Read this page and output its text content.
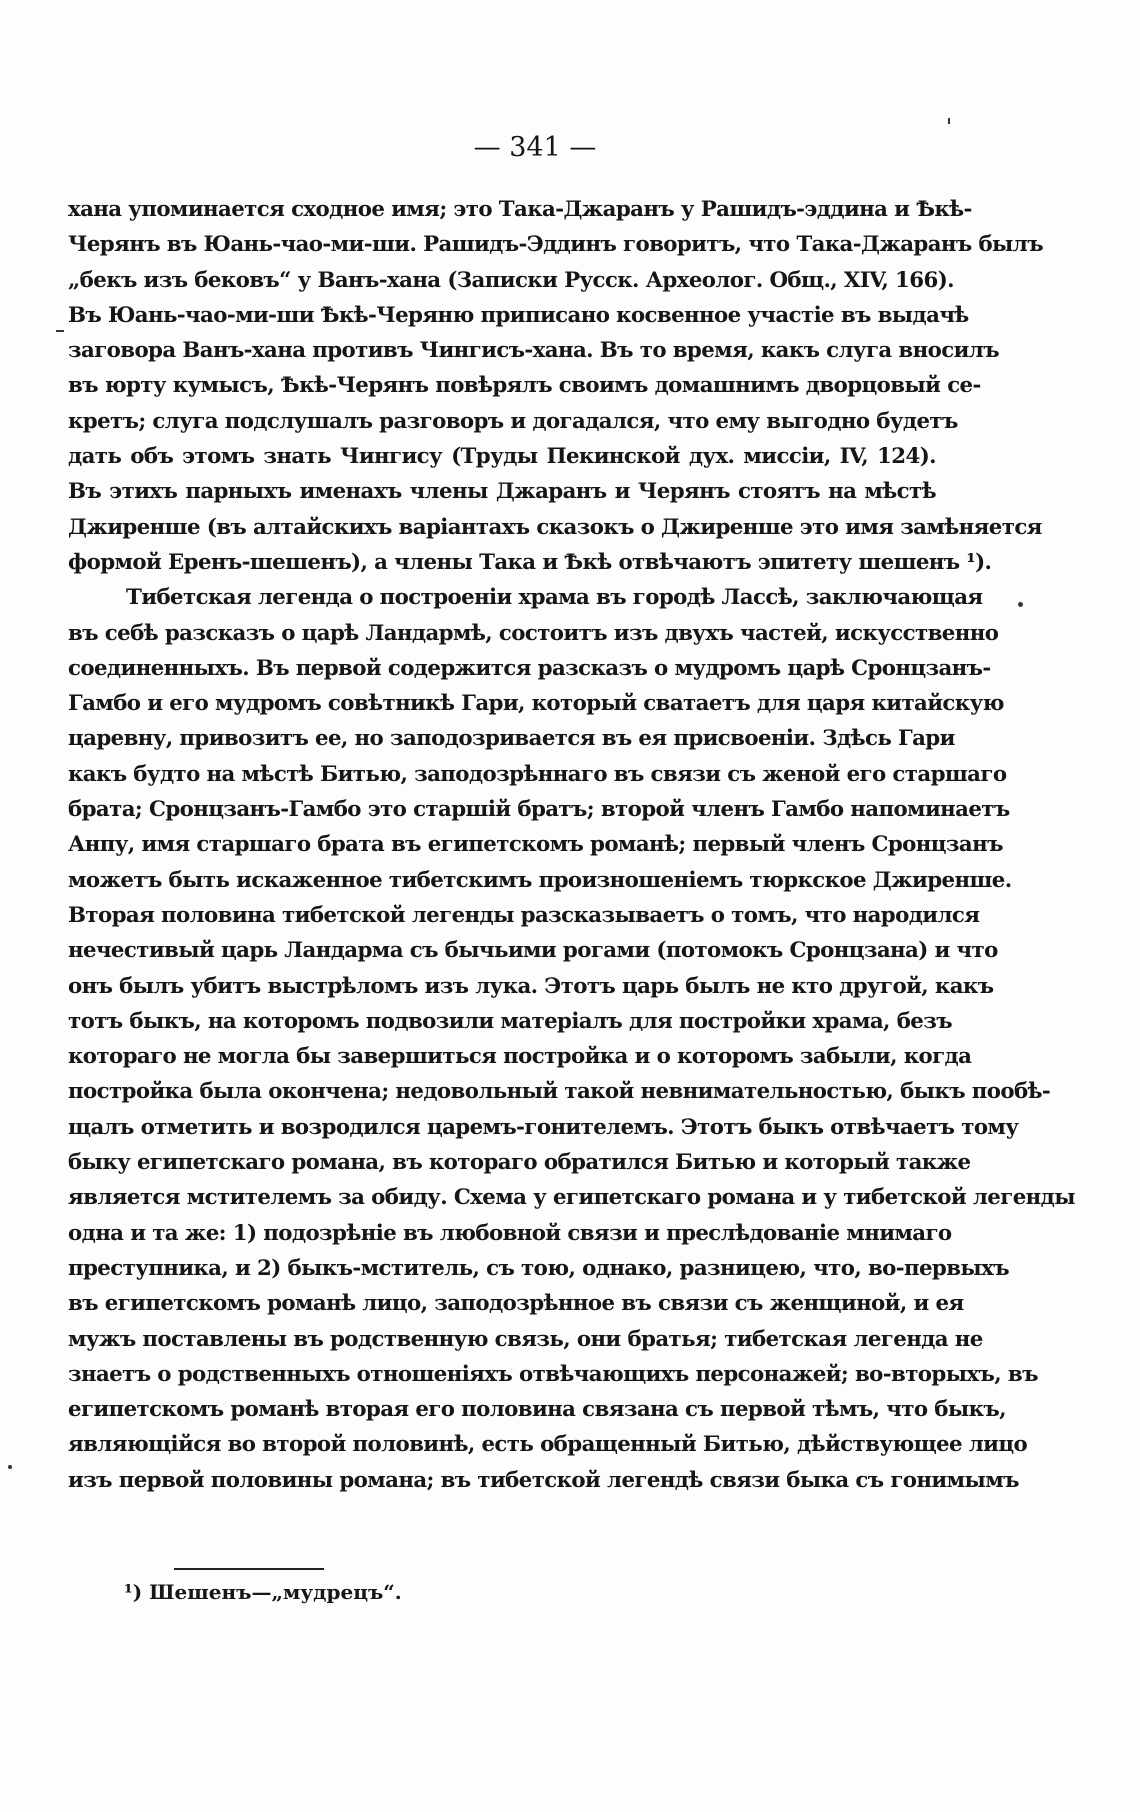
— 341 —
хана упоминается сходное имя; это Така-Джаранъ у Рашидъ-эддина и Ѣкѣ-
Черянъ въ Юань-чао-ми-ши. Рашидъ-Эддинъ говоритъ, что Така-Джаранъ былъ
„бекъ изъ бековъ“ у Ванъ-хана (Записки Русск. Археолог. Общ., XIV, 166).
Въ Юань-чао-ми-ши Ѣкѣ-Черяню приписано косвенное участіе въ выдачѣ
заговора Ванъ-хана противъ Чингисъ-хана. Въ то время, какъ слуга вносилъ
въ юрту кумысъ, Ѣкѣ-Черянъ повѣрялъ своимъ домашнимъ дворцовый се-
кретъ; слуга подслушалъ разговоръ и догадался, что ему выгодно будетъ
дать объ этомъ знать Чингису (Труды Пекинской дух. миссіи, IV, 124).
Въ этихъ парныхъ именахъ члены Джаранъ и Черянъ стоятъ на мѣстѣ
Джиренше (въ алтайскихъ варіантахъ сказокъ о Джиренше это имя замѣняется
формой Еренъ-шешенъ), а члены Така и Ѣкѣ отвѣчаютъ эпитету шешенъ ¹).
Тибетская легенда о построеніи храма въ городѣ Лассѣ, заключающая
въ себѣ разсказъ о царѣ Ландармѣ, состоитъ изъ двухъ частей, искусственно
соединенныхъ. Въ первой содержится разсказъ о мудромъ царѣ Сронцзанъ-
Гамбо и его мудромъ совѣтникѣ Гари, который сватаетъ для царя китайскую
царевну, привозитъ ее, но заподозривается въ ея присвоеніи. Здѣсь Гари
какъ будто на мѣстѣ Битью, заподозрѣннаго въ связи съ женой его старшаго
брата; Сронцзанъ-Гамбо это старшій братъ; второй членъ Гамбо напоминаетъ
Анпу, имя старшаго брата въ египетскомъ романѣ; первый членъ Сронцзанъ
можетъ быть искаженное тибетскимъ произношеніемъ тюркское Джиренше.
Вторая половина тибетской легенды разсказываетъ о томъ, что народился
нечестивый царь Ландарма съ бычьими рогами (потомокъ Сронцзана) и что
онъ былъ убитъ выстрѣломъ изъ лука. Этотъ царь былъ не кто другой, какъ
тотъ быкъ, на которомъ подвозили матеріалъ для постройки храма, безъ
котораго не могла бы завершиться постройка и о которомъ забыли, когда
постройка была окончена; недовольный такой невнимательностью, быкъ пообѣ-
щалъ отметить и возродился царемъ-гонителемъ. Этотъ быкъ отвѣчаетъ тому
быку египетскаго романа, въ котораго обратился Битью и который также
является мстителемъ за обиду. Схема у египетскаго романа и у тибетской легенды
одна и та же: 1) подозрѣніе въ любовной связи и преслѣдованіе мнимаго
преступника, и 2) быкъ-мститель, съ тою, однако, разницею, что, во-первыхъ
въ египетскомъ романѣ лицо, заподозрѣнное въ связи съ женщиной, и ея
мужъ поставлены въ родственную связь, они братья; тибетская легенда не
знаетъ о родственныхъ отношеніяхъ отвѣчающихъ персонажей; во-вторыхъ, въ
египетскомъ романѣ вторая его половина связана съ первой тѣмъ, что быкъ,
являющійся во второй половинѣ, есть обращенный Битью, дѣйствующее лицо
изъ первой половины романа; въ тибетской легендѣ связи быка съ гонимымъ
¹) Шешенъ—„мудрецъ“.
